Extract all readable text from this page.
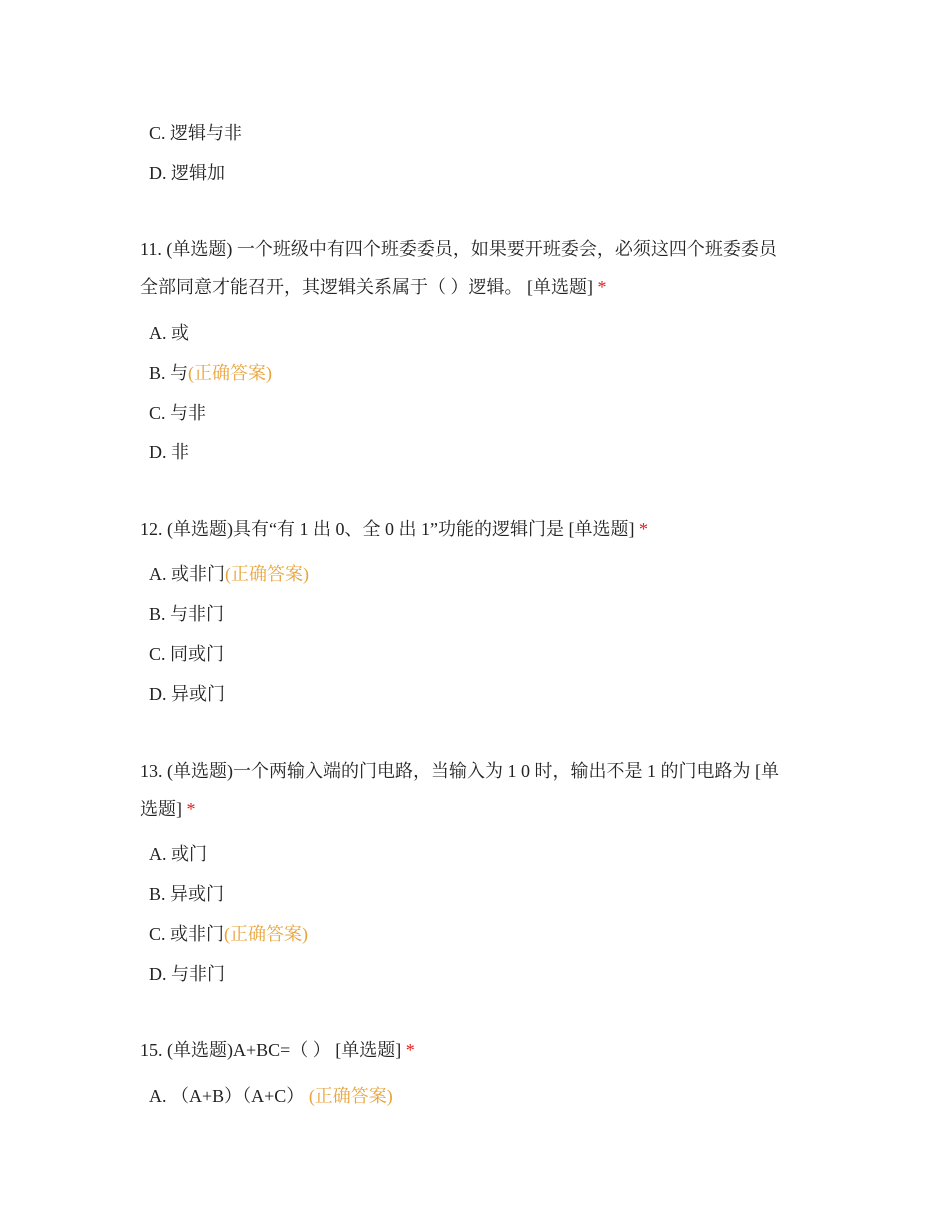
C. 逻辑与非
D. 逻辑加
11. (单选题) 一个班级中有四个班委委员，如果要开班委会，必须这四个班委委员
全部同意才能召开，其逻辑关系属于（ ）逻辑。 [单选题] *
A. 或
B. 与(正确答案)
C. 与非
D. 非
12. (单选题)具有“有 1 出 0、全 0 出 1”功能的逻辑门是 [单选题] *
A. 或非门(正确答案)
B. 与非门
C. 同或门
D. 异或门
13. (单选题)一个两输入端的门电路，当输入为 1 0 时，输出不是 1 的门电路为 [单
选题] *
A. 或门
B. 异或门
C. 或非门(正确答案)
D. 与非门
15. (单选题)A+BC=（ ） [单选题] *
A. （A+B）（A+C） (正确答案)
